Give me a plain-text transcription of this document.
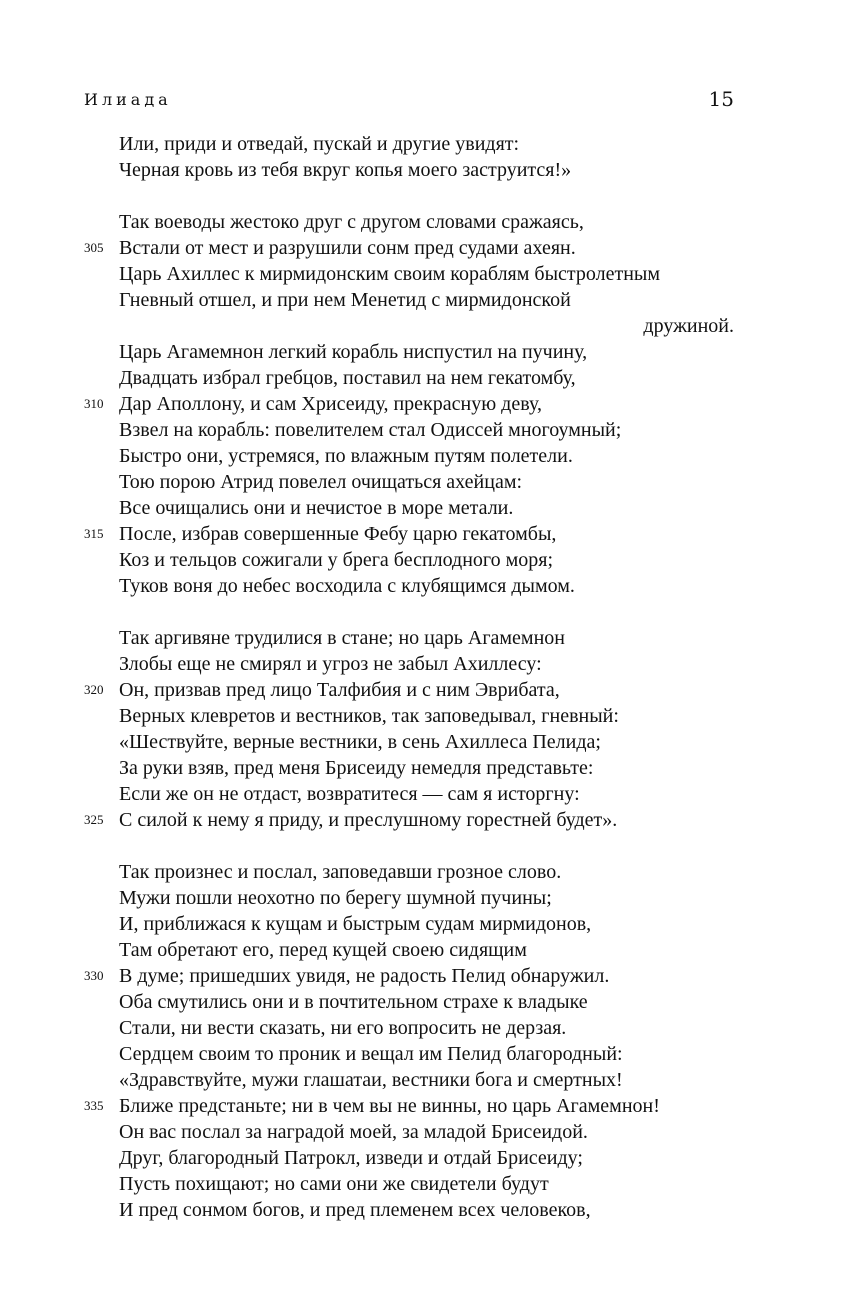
Илиада	15
Или, приди и отведай, пускай и другие увидят:
Черная кровь из тебя вкруг копья моего заструится!»
Так воеводы жестоко друг с другом словами сражаясь,
305 Встали от мест и разрушили сонм пред судами ахеян.
Царь Ахиллес к мирмидонским своим кораблям быстролетным
Гневный отшел, и при нем Менетид с мирмидонской
дружиной.
Царь Агамемнон легкий корабль ниспустил на пучину,
Двадцать избрал гребцов, поставил на нем гекатомбу,
310 Дар Аполлону, и сам Хрисеиду, прекрасную деву,
Взвел на корабль: повелителем стал Одиссей многоумный;
Быстро они, устремяся, по влажным путям полетели.
Тою порою Атрид повелел очищаться ахейцам:
Все очищались они и нечистое в море метали.
315 После, избрав совершенные Фебу царю гекатомбы,
Коз и тельцов сожигали у брега бесплодного моря;
Туков воня до небес восходила с клубящимся дымом.
Так аргивяне трудилися в стане; но царь Агамемнон
Злобы еще не смирял и угроз не забыл Ахиллесу:
320 Он, призвав пред лицо Талфибия и с ним Эврибата,
Верных клевретов и вестников, так заповедывал, гневный:
«Шествуйте, верные вестники, в сень Ахиллеса Пелида;
За руки взяв, пред меня Брисеиду немедля представьте:
Если же он не отдаст, возвратитеся — сам я исторгну:
325 С силой к нему я приду, и преслушному горестней будет».
Так произнес и послал, заповедавши грозное слово.
Мужи пошли неохотно по берегу шумной пучины;
И, приближася к кущам и быстрым судам мирмидонов,
Там обретают его, перед кущей своею сидящим
330 В думе; пришедших увидя, не радость Пелид обнаружил.
Оба смутились они и в почтительном страхе к владыке
Стали, ни вести сказать, ни его вопросить не дерзая.
Сердцем своим то проник и вещал им Пелид благородный:
«Здравствуйте, мужи глашатаи, вестники бога и смертных!
335 Ближе предстаньте; ни в чем вы не винны, но царь Агамемнон!
Он вас послал за наградой моей, за младой Брисеидой.
Друг, благородный Патрокл, изведи и отдай Брисеиду;
Пусть похищают; но сами они же свидетели будут
И пред сонмом богов, и пред племенем всех человеков,
